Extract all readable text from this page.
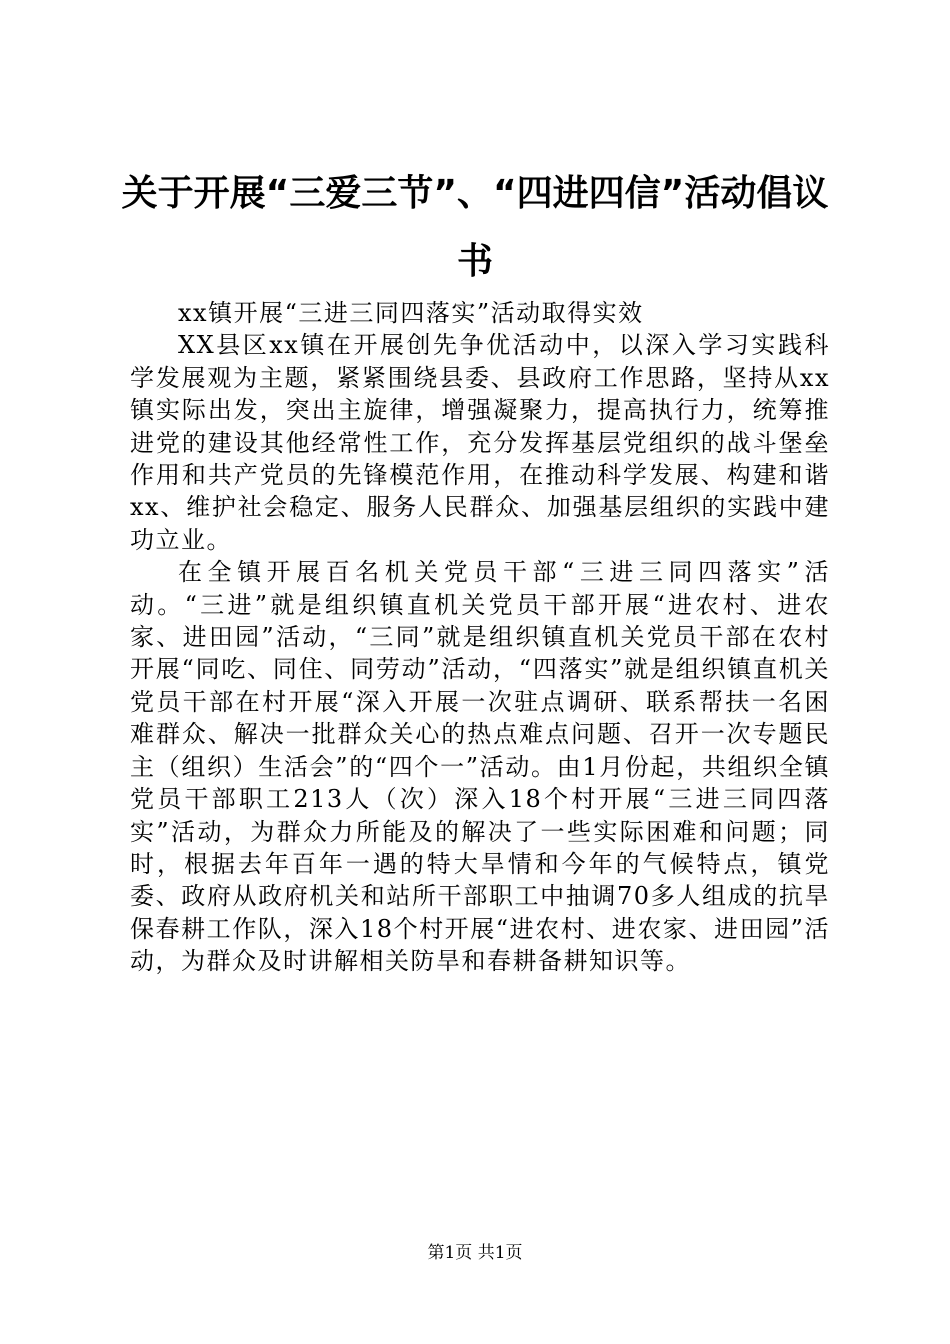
关于开展“三爱三节”、“四进四信”活动倡议书

xx镇开展“三进三同四落实”活动取得实效

XX县区xx镇在开展创先争优活动中，以深入学习实践科学发展观为主题，紧紧围绕县委、县政府工作思路，坚持从xx镇实际出发，突出主旋律，增强凝聚力，提高执行力，统筹推进党的建设其他经常性工作，充分发挥基层党组织的战斗堡垒作用和共产党员的先锋模范作用，在推动科学发展、构建和谐xx、维护社会稳定、服务人民群众、加强基层组织的实践中建功立业。

在全镇开展百名机关党员干部“三进三同四落实”活动。“三进”就是组织镇直机关党员干部开展“进农村、进农家、进田园”活动，“三同”就是组织镇直机关党员干部在农村开展“同吃、同住、同劳动”活动，“四落实”就是组织镇直机关党员干部在村开展“深入开展一次驻点调研、联系帮扶一名困难群众、解决一批群众关心的热点难点问题、召开一次专题民主（组织）生活会”的“四个一”活动。由1月份起，共组织全镇党员干部职工213人（次）深入18个村开展“三进三同四落实”活动，为群众力所能及的解决了一些实际困难和问题；同时，根据去年百年一遇的特大旱情和今年的气候特点，镇党委、政府从政府机关和站所干部职工中抽调70多人组成的抗旱保春耕工作队，深入18个村开展“进农村、进农家、进田园”活动，为群众及时讲解相关防旱和春耕备耕知识等。

第1页 共1页
